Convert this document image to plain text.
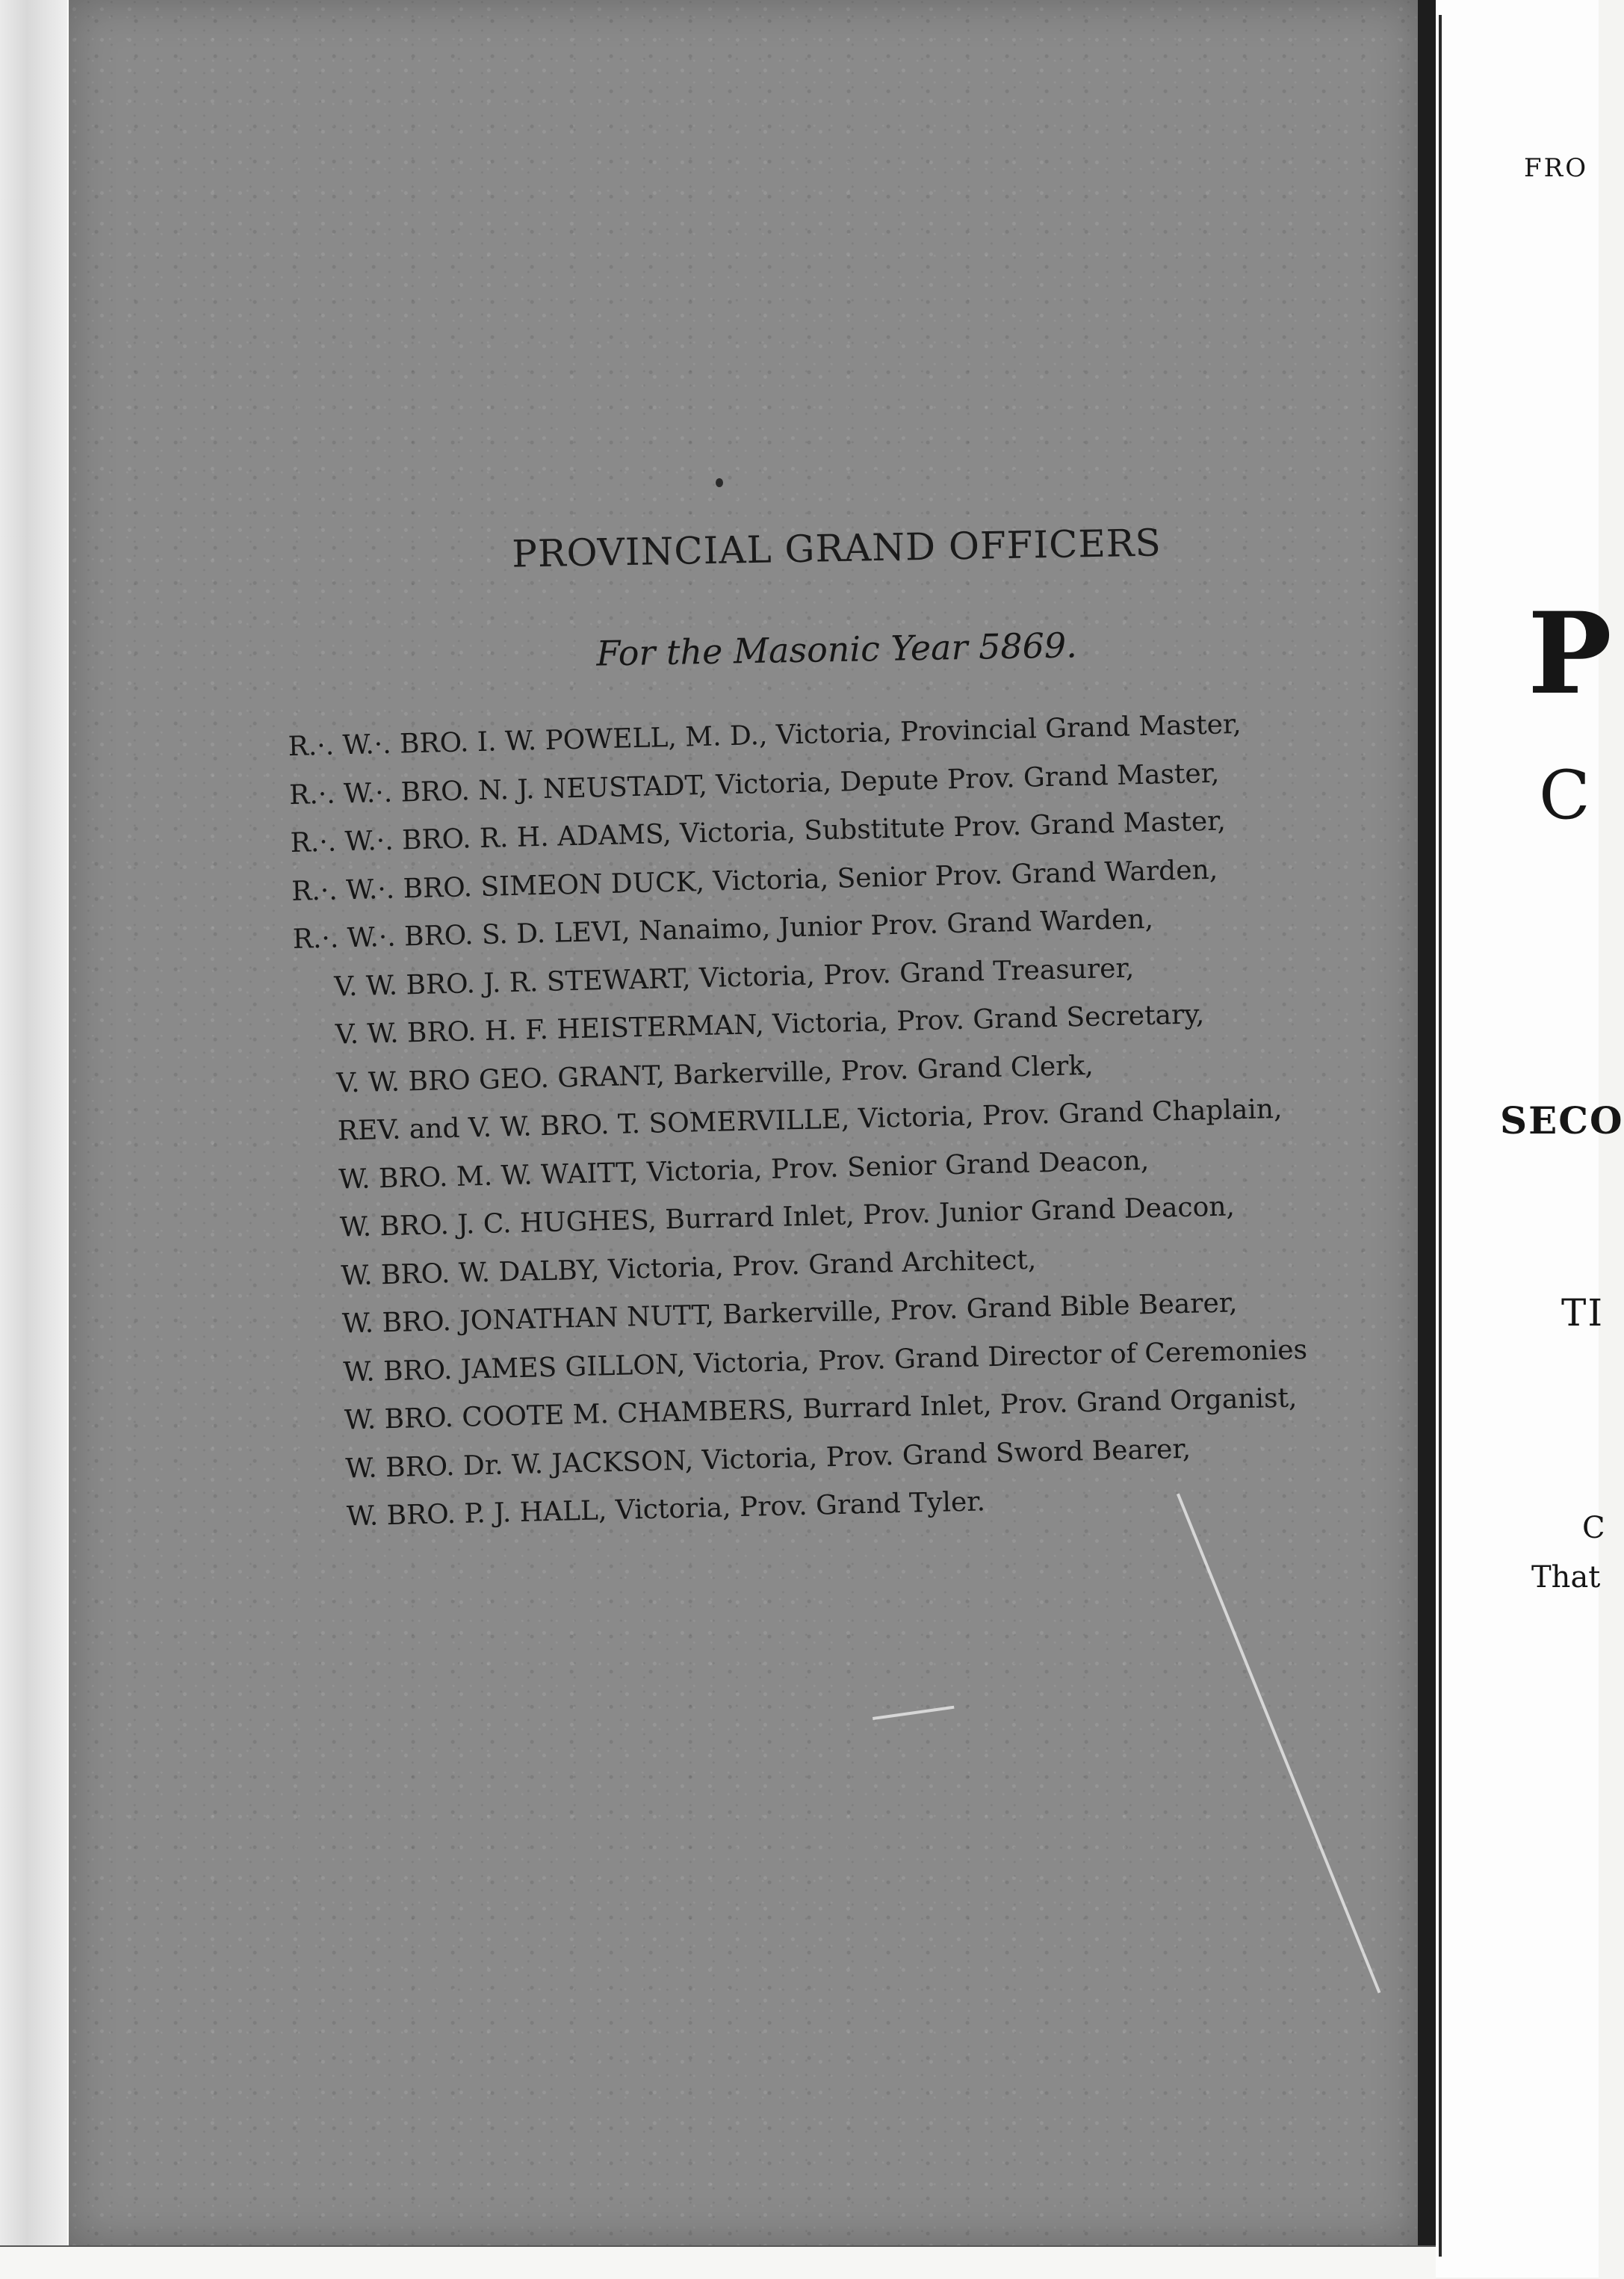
PROVINCIAL GRAND OFFICERS
For the Masonic Year 5869.
R.·. W.·. BRO. I. W. POWELL, M. D., Victoria, Provincial Grand Master,
R.·. W.·. BRO. N. J. NEUSTADT, Victoria, Depute Prov. Grand Master,
R.·. W.·. BRO. R. H. ADAMS, Victoria, Substitute Prov. Grand Master,
R.·. W.·. BRO. SIMEON DUCK, Victoria, Senior Prov. Grand Warden,
R.·. W.·. BRO. S. D. LEVI, Nanaimo, Junior Prov. Grand Warden,
V. W. BRO. J. R. STEWART, Victoria, Prov. Grand Treasurer,
V. W. BRO. H. F. HEISTERMAN, Victoria, Prov. Grand Secretary,
V. W. BRO GEO. GRANT, Barkerville, Prov. Grand Clerk,
REV. and V. W. BRO. T. SOMERVILLE, Victoria, Prov. Grand Chaplain,
W. BRO. M. W. WAITT, Victoria, Prov. Senior Grand Deacon,
W. BRO. J. C. HUGHES, Burrard Inlet, Prov. Junior Grand Deacon,
W. BRO. W. DALBY, Victoria, Prov. Grand Architect,
W. BRO. JONATHAN NUTT, Barkerville, Prov. Grand Bible Bearer,
W. BRO. JAMES GILLON, Victoria, Prov. Grand Director of Ceremonies
W. BRO. COOTE M. CHAMBERS, Burrard Inlet, Prov. Grand Organist,
W. BRO. Dr. W. JACKSON, Victoria, Prov. Grand Sword Bearer,
W. BRO. P. J. HALL, Victoria, Prov. Grand Tyler.
FRO
P
C
SECO
TI
C
That
